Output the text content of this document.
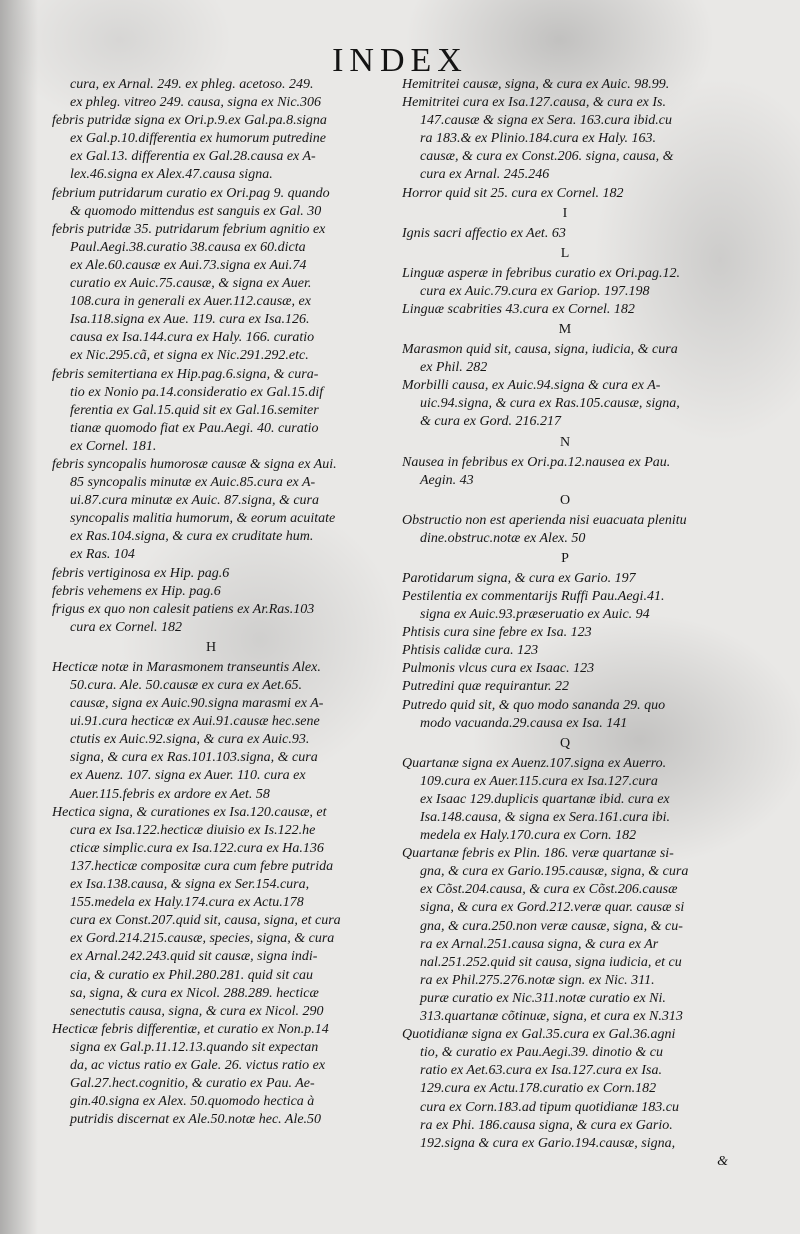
INDEX
cura, ex Arnal. 249. ex phleg. acetoso. 249.
ex phleg. vitreo 249. causa, signa ex Nic.306
febris putridæ signa ex Ori.p.9.ex Gal.pa.8.signa
ex Gal.p.10.differentia ex humorum putredine
ex Gal.13. differentia ex Gal.28.causa ex A-
lex.46.signa ex Alex.47.causa signa.
febrium putridarum curatio ex Ori.pag 9. quando
& quomodo mittendus est sanguis ex Gal. 30
febris putridæ 35. putridarum febrium agnitio ex
Paul.Aegi.38.curatio 38.causa ex 60.dicta
ex Ale.60.causæ ex Aui.73.signa ex Aui.74
curatio ex Auic.75.causæ, & signa ex Auer.
108.cura in generali ex Auer.112.causæ, ex
Isa.118.signa ex Aue. 119. cura ex Isa.126.
causa ex Isa.144.cura ex Haly. 166. curatio
ex Nic.295.cã, et signa ex Nic.291.292.etc.
febris semitertiana ex Hip.pag.6.signa, & cura-
tio ex Nonio pa.14.consideratio ex Gal.15.dif
ferentia ex Gal.15.quid sit ex Gal.16.semiter
tianæ quomodo fiat ex Pau.Aegi. 40. curatio
ex Cornel. 181.
febris syncopalis humorosæ causæ & signa ex Aui.
85 syncopalis minutæ ex Auic.85.cura ex A-
ui.87.cura minutæ ex Auic. 87.signa, & cura
syncopalis malitia humorum, & eorum acuitate
ex Ras.104.signa, & cura ex cruditate hum.
ex Ras. 104
febris vertiginosa ex Hip. pag.6
febris vehemens ex Hip. pag.6
frigus ex quo non calesit patiens ex Ar.Ras.103
cura ex Cornel. 182
H
Hecticæ notæ in Marasmonem transeuntis Alex.
50.cura. Ale. 50.causæ ex cura ex Aet.65.
causæ, signa ex Auic.90.signa marasmi ex A-
ui.91.cura hecticæ ex Aui.91.causæ hec.sene
ctutis ex Auic.92.signa, & cura ex Auic.93.
signa, & cura ex Ras.101.103.signa, & cura
ex Auenz. 107. signa ex Auer. 110. cura ex
Auer.115.febris ex ardore ex Aet. 58
Hectica signa, & curationes ex Isa.120.causæ, et
cura ex Isa.122.hecticæ diuisio ex Is.122.he
cticæ simplic.cura ex Isa.122.cura ex Ha.136
137.hecticæ compositæ cura cum febre putrida
ex Isa.138.causa, & signa ex Ser.154.cura,
155.medela ex Haly.174.cura ex Actu.178
cura ex Const.207.quid sit, causa, signa, et cura
ex Gord.214.215.causæ, species, signa, & cura
ex Arnal.242.243.quid sit causæ, signa indi-
cia, & curatio ex Phil.280.281. quid sit cau
sa, signa, & cura ex Nicol. 288.289. hecticæ
senectutis causa, signa, & cura ex Nicol. 290
Hecticæ febris differentiæ, et curatio ex Non.p.14
signa ex Gal.p.11.12.13.quando sit expectan
da, ac victus ratio ex Gale. 26. victus ratio ex
Gal.27.hect.cognitio, & curatio ex Pau. Ae-
gin.40.signa ex Alex. 50.quomodo hectica à
putridis discernat ex Ale.50.notæ hec. Ale.50
Hemitritei causæ, signa, & cura ex Auic. 98.99.
Hemitritei cura ex Isa.127.causa, & cura ex Is.
147.causæ & signa ex Sera. 163.cura ibid.cu
ra 183.& ex Plinio.184.cura ex Haly. 163.
causæ, & cura ex Const.206. signa, causa, &
cura ex Arnal. 245.246
Horror quid sit 25. cura ex Cornel. 182
I
Ignis sacri affectio ex Aet. 63
L
Linguæ asperæ in febribus curatio ex Ori.pag.12.
cura ex Auic.79.cura ex Gariop. 197.198
Linguæ scabrities 43.cura ex Cornel. 182
M
Marasmon quid sit, causa, signa, iudicia, & cura
ex Phil. 282
Morbilli causa, ex Auic.94.signa & cura ex A-
uic.94.signa, & cura ex Ras.105.causæ, signa,
& cura ex Gord. 216.217
N
Nausea in febribus ex Ori.pa.12.nausea ex Pau.
Aegin. 43
O
Obstructio non est aperienda nisi euacuata plenitu
dine.obstruc.notæ ex Alex. 50
P
Parotidarum signa, & cura ex Gario. 197
Pestilentia ex commentarijs Ruffi Pau.Aegi.41.
signa ex Auic.93.præseruatio ex Auic. 94
Phtisis cura sine febre ex Isa. 123
Phtisis calidæ cura. 123
Pulmonis vlcus cura ex Isaac. 123
Putredini quæ requirantur. 22
Putredo quid sit, & quo modo sananda 29. quo
modo vacuanda.29.causa ex Isa. 141
Q
Quartanæ signa ex Auenz.107.signa ex Auerro.
109.cura ex Auer.115.cura ex Isa.127.cura
ex Isaac 129.duplicis quartanæ ibid. cura ex
Isa.148.causa, & signa ex Sera.161.cura ibi.
medela ex Haly.170.cura ex Corn. 182
Quartanæ febris ex Plin. 186. veræ quartanæ si-
gna, & cura ex Gario.195.causæ, signa, & cura
ex Cõst.204.causa, & cura ex Cõst.206.causæ
signa, & cura ex Gord.212.veræ quar. causæ si
gna, & cura.250.non veræ causæ, signa, & cu-
ra ex Arnal.251.causa signa, & cura ex Ar
nal.251.252.quid sit causa, signa iudicia, et cu
ra ex Phil.275.276.notæ sign. ex Nic. 311.
puræ curatio ex Nic.311.notæ curatio ex Ni.
313.quartanæ cõtinuæ, signa, et cura ex N.313
Quotidianæ signa ex Gal.35.cura ex Gal.36.agni
tio, & curatio ex Pau.Aegi.39. dinotio & cu
ratio ex Aet.63.cura ex Isa.127.cura ex Isa.
129.cura ex Actu.178.curatio ex Corn.182
cura ex Corn.183.ad tipum quotidianæ 183.cu
ra ex Phi. 186.causa signa, & cura ex Gario.
192.signa & cura ex Gario.194.causæ, signa,
&
